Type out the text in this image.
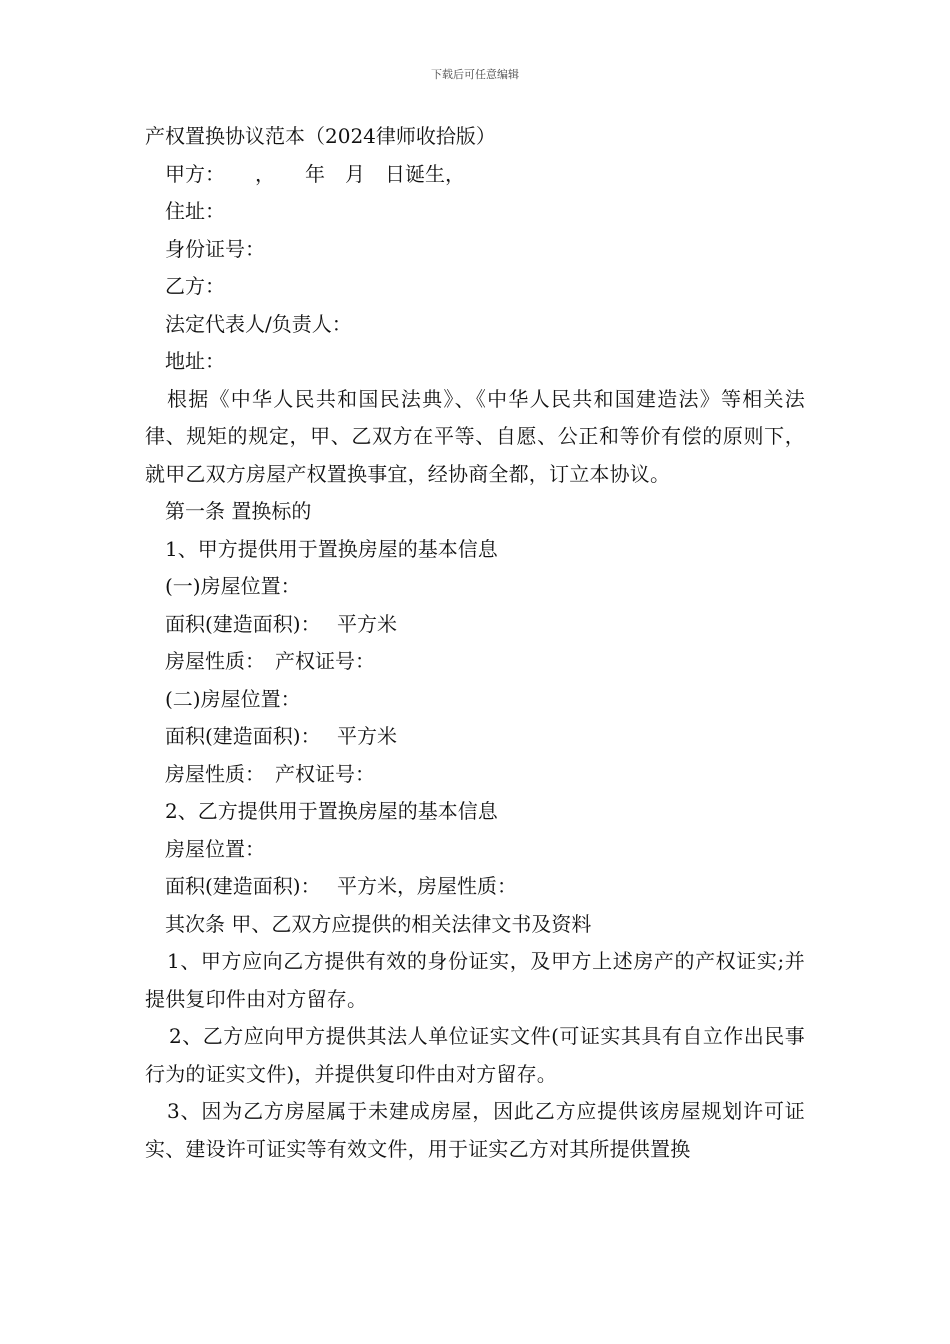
下载后可任意编辑
产权置换协议范本（2024律师收拾版）
甲方：　　，　　年　月　日诞生，
住址：
身份证号：
乙方：
法定代表人/负责人：
地址：
根据《中华人民共和国民法典》、《中华人民共和国建造法》等相关法律、规矩的规定，甲、乙双方在平等、自愿、公正和等价有偿的原则下，就甲乙双方房屋产权置换事宜，经协商全都，订立本协议。
第一条 置换标的
1、甲方提供用于置换房屋的基本信息
(一)房屋位置：
面积(建造面积)：　 平方米
房屋性质：　产权证号：
(二)房屋位置：
面积(建造面积)：　 平方米
房屋性质：　产权证号：
2、乙方提供用于置换房屋的基本信息
房屋位置：
面积(建造面积)：　 平方米，房屋性质：
其次条 甲、乙双方应提供的相关法律文书及资料
1、甲方应向乙方提供有效的身份证实，及甲方上述房产的产权证实;并提供复印件由对方留存。
2、乙方应向甲方提供其法人单位证实文件(可证实其具有自立作出民事行为的证实文件)，并提供复印件由对方留存。
3、因为乙方房屋属于未建成房屋，因此乙方应提供该房屋规划许可证实、建设许可证实等有效文件，用于证实乙方对其所提供置换
